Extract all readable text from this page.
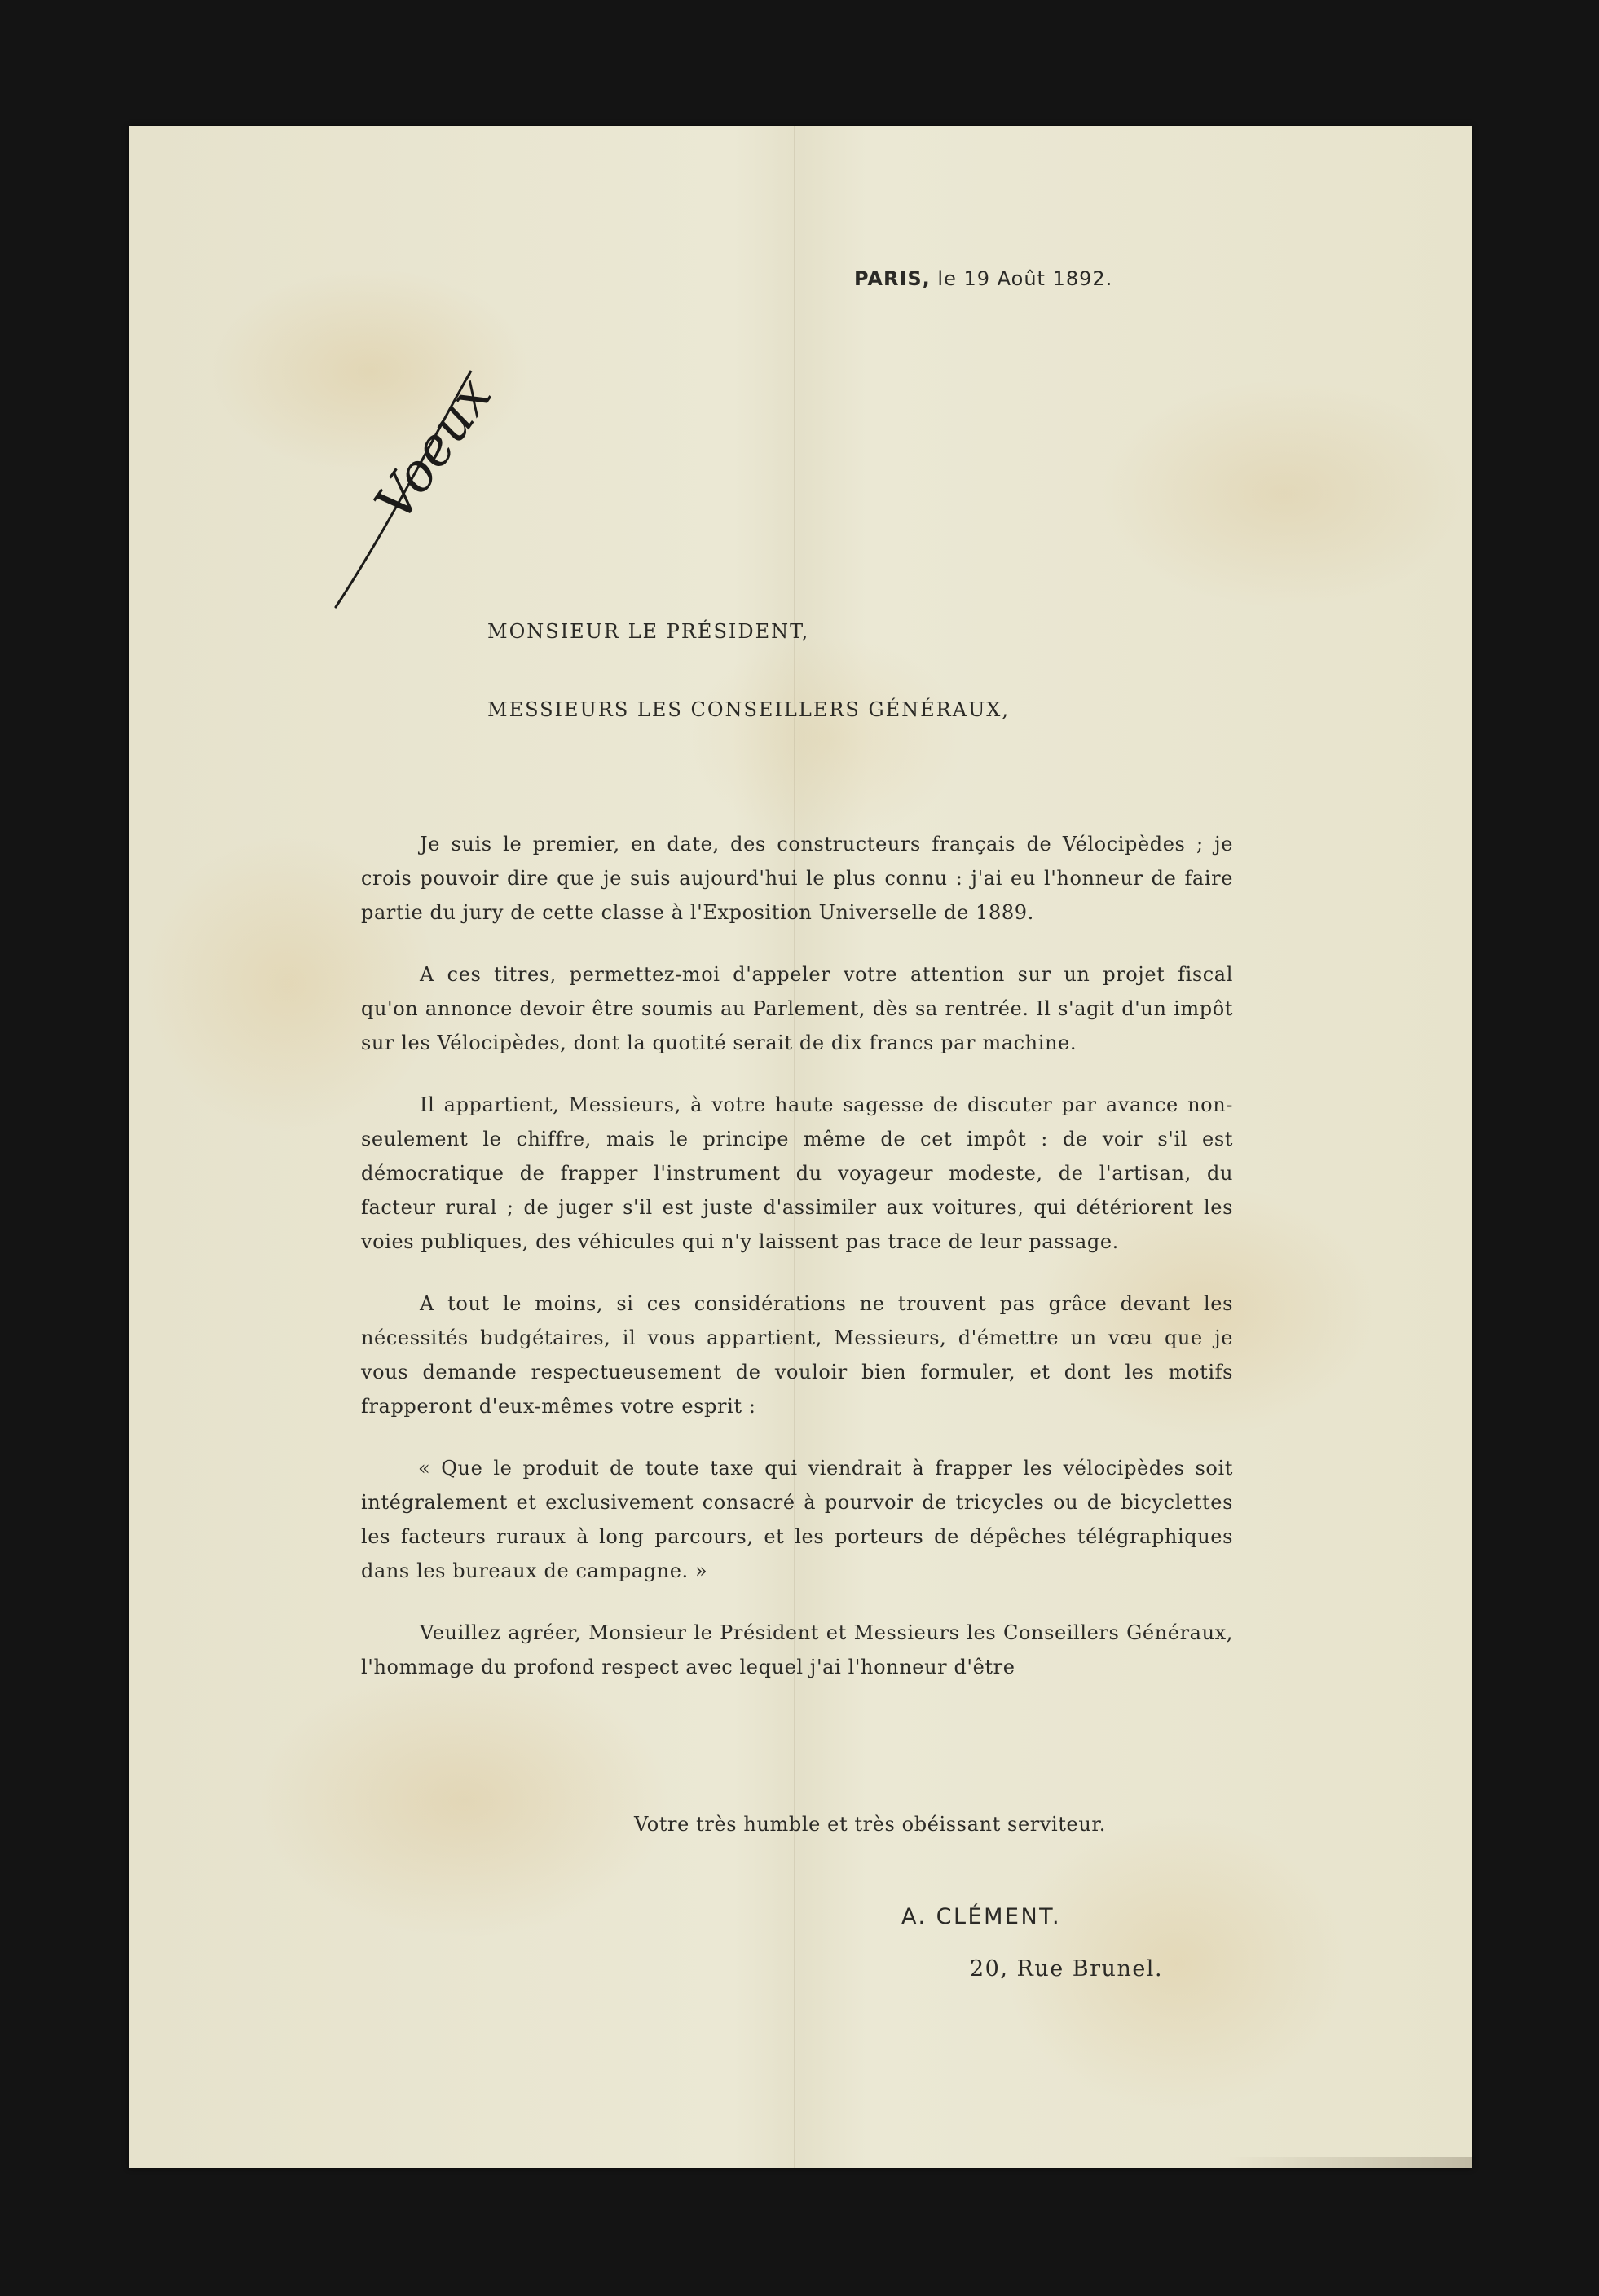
PARIS, le 19 Août 1892.
Voeux
MONSIEUR LE PRÉSIDENT,
MESSIEURS LES CONSEILLERS GÉNÉRAUX,

Je suis le premier, en date, des constructeurs français de Vélocipèdes ; je crois pouvoir dire que je suis aujourd'hui le plus connu : j'ai eu l'honneur de faire partie du jury de cette classe à l'Exposition Universelle de 1889.

A ces titres, permettez-moi d'appeler votre attention sur un projet fiscal qu'on annonce devoir être soumis au Parlement, dès sa rentrée. Il s'agit d'un impôt sur les Vélocipèdes, dont la quotité serait de dix francs par machine.

Il appartient, Messieurs, à votre haute sagesse de discuter par avance non-seulement le chiffre, mais le principe même de cet impôt : de voir s'il est démocratique de frapper l'instrument du voyageur modeste, de l'artisan, du facteur rural ; de juger s'il est juste d'assimiler aux voitures, qui détériorent les voies publiques, des véhicules qui n'y laissent pas trace de leur passage.

A tout le moins, si ces considérations ne trouvent pas grâce devant les nécessités budgétaires, il vous appartient, Messieurs, d'émettre un vœu que je vous demande respectueusement de vouloir bien formuler, et dont les motifs frapperont d'eux-mêmes votre esprit :

« Que le produit de toute taxe qui viendrait à frapper les vélocipèdes soit intégralement et exclusivement consacré à pourvoir de tricycles ou de bicyclettes les facteurs ruraux à long parcours, et les porteurs de dépêches télégraphiques dans les bureaux de campagne. »

Veuillez agréer, Monsieur le Président et Messieurs les Conseillers Généraux, l'hommage du profond respect avec lequel j'ai l'honneur d'être

Votre très humble et très obéissant serviteur.
A. CLÉMENT.
20, Rue Brunel.
